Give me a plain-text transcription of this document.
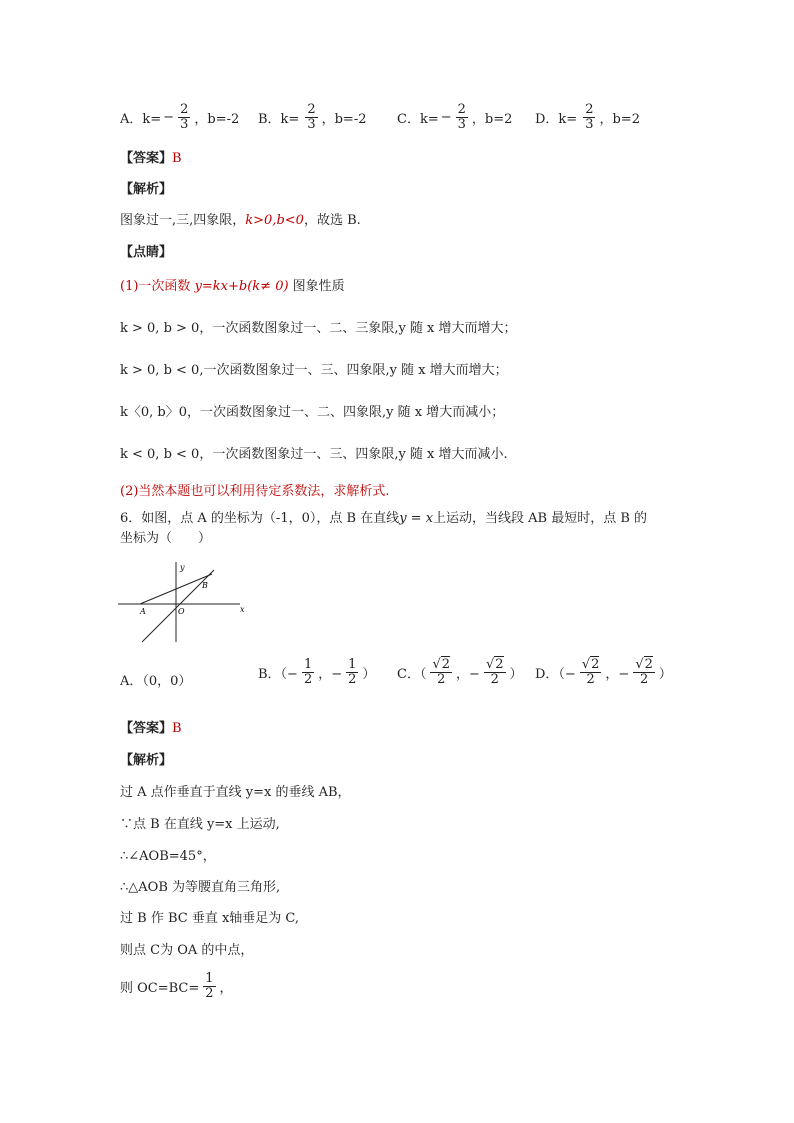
A．$k= - \frac{2}{3}$ ，b=-2 B．$k= \frac{2}{3}$ ，b=-2 C．$k= - \frac{2}{3}$ ，b=2 D．$k= \frac{2}{3}$ ，b=2
【答案】B
【解析】
图象过一,三,四象限，k>0,b<0，故选 B.
【点睛】
(1)一次函数 y=kx+b(k≠ 0) 图象性质
k > 0, b > 0，一次函数图象过一、二、三象限,y 随 x 增大而增大；
k > 0, b < 0,一次函数图象过一、三、四象限,y 随 x 增大而增大；
k〈0, b〉0，一次函数图象过一、二、四象限,y 随 x 增大而减小；
k < 0, b < 0，一次函数图象过一、三、四象限,y 随 x 增大而减小.
(2)当然本题也可以利用待定系数法，求解析式.
6．如图，点 A 的坐标为（-1，0），点 B 在直线y = x上运动，当线段 AB 最短时，点 B 的
坐标为（　　）
y
x
O
A
B
A．（0，0）	B．（− $\frac{1}{2}$ ，− $\frac{1}{2}$ ） C．（ $\frac{√2}{2}$ ，− $\frac{√2}{2}$ ） D．（− $\frac{√2}{2}$ ，− $\frac{√2}{2}$ ）
【答案】B
【解析】
过 A 点作垂直于直线 y=x 的垂线 AB，
∵点 B 在直线 y=x 上运动,
∴∠AOB=45°，
∴△AOB 为等腰直角三角形,
过 B 作 BC 垂直 x轴垂足为 C,
则点 C为 OA 的中点，
则 $OC=BC= \frac{1}{2}$ ，
